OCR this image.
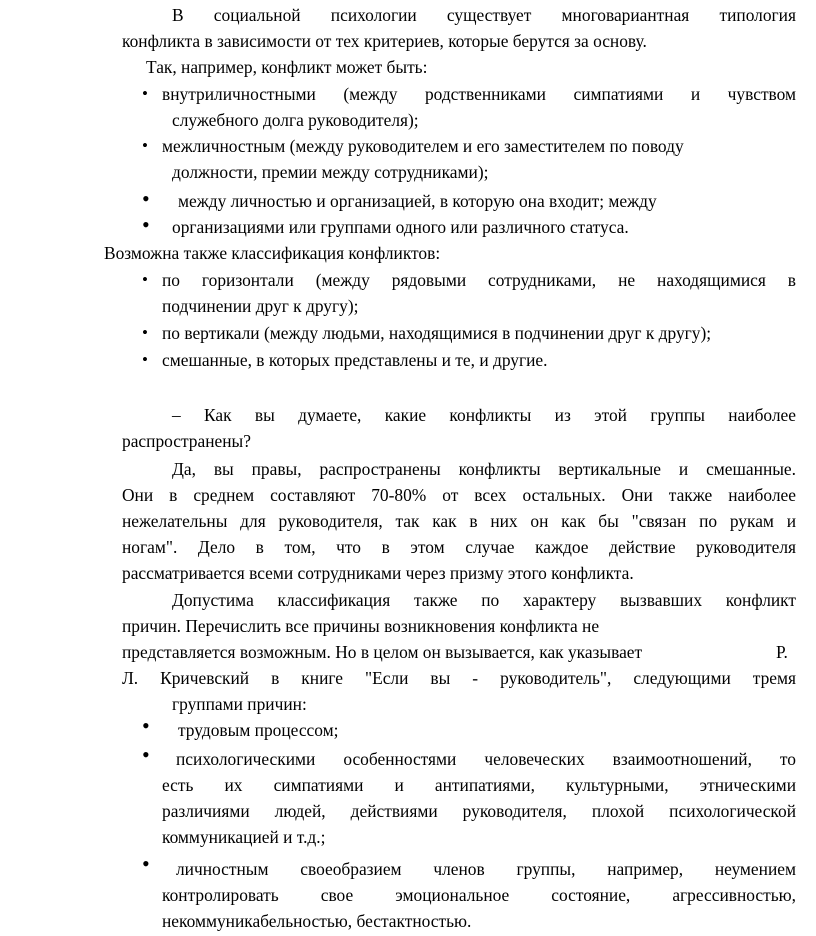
В социальной психологии существует многовариантная типология

конфликта в зависимости от тех критериев, которые берутся за основу.

Так, например, конфликт может быть:

• внутриличностными (между родственниками симпатиями и чувством

служебного долга руководителя);

• межличностным (между руководителем и его заместителем по поводу

должности, премии между сотрудниками);

• между личностью и организацией, в которую она входит; между

• организациями или группами одного или различного статуса.

Возможна также классификация конфликтов:

• по горизонтали (между рядовыми сотрудниками, не находящимися в

подчинении друг к другу);

• по вертикали (между людьми, находящимися в подчинении друг к другу);

• смешанные, в которых представлены и те, и другие.

– Как вы думаете, какие конфликты из этой группы наиболее

распространены?

Да, вы правы, распространены конфликты вертикальные и смешанные.

Они в среднем составляют 70-80% от всех остальных. Они также наиболее

нежелательны для руководителя, так как в них он как бы "связан по рукам и

ногам". Дело в том, что в этом случае каждое действие руководителя

рассматривается всеми сотрудниками через призму этого конфликта.

Допустима классификация также по характеру вызвавших конфликт

причин. Перечислить все причины возникновения конфликта не

представляется возможным. Но в целом он вызывается, как указывает	Р.

Л. Кричевский в книге "Если вы - руководитель", следующими тремя

группами причин:

• трудовым процессом;

• психологическими особенностями человеческих взаимоотношений, то

есть их симпатиями и антипатиями, культурными, этническими

различиями людей, действиями руководителя, плохой психологической

коммуникацией и т.д.;

• личностным своеобразием членов группы, например, неумением

контролировать свое эмоциональное состояние, агрессивностью,

некоммуникабельностью, бестактностью.
